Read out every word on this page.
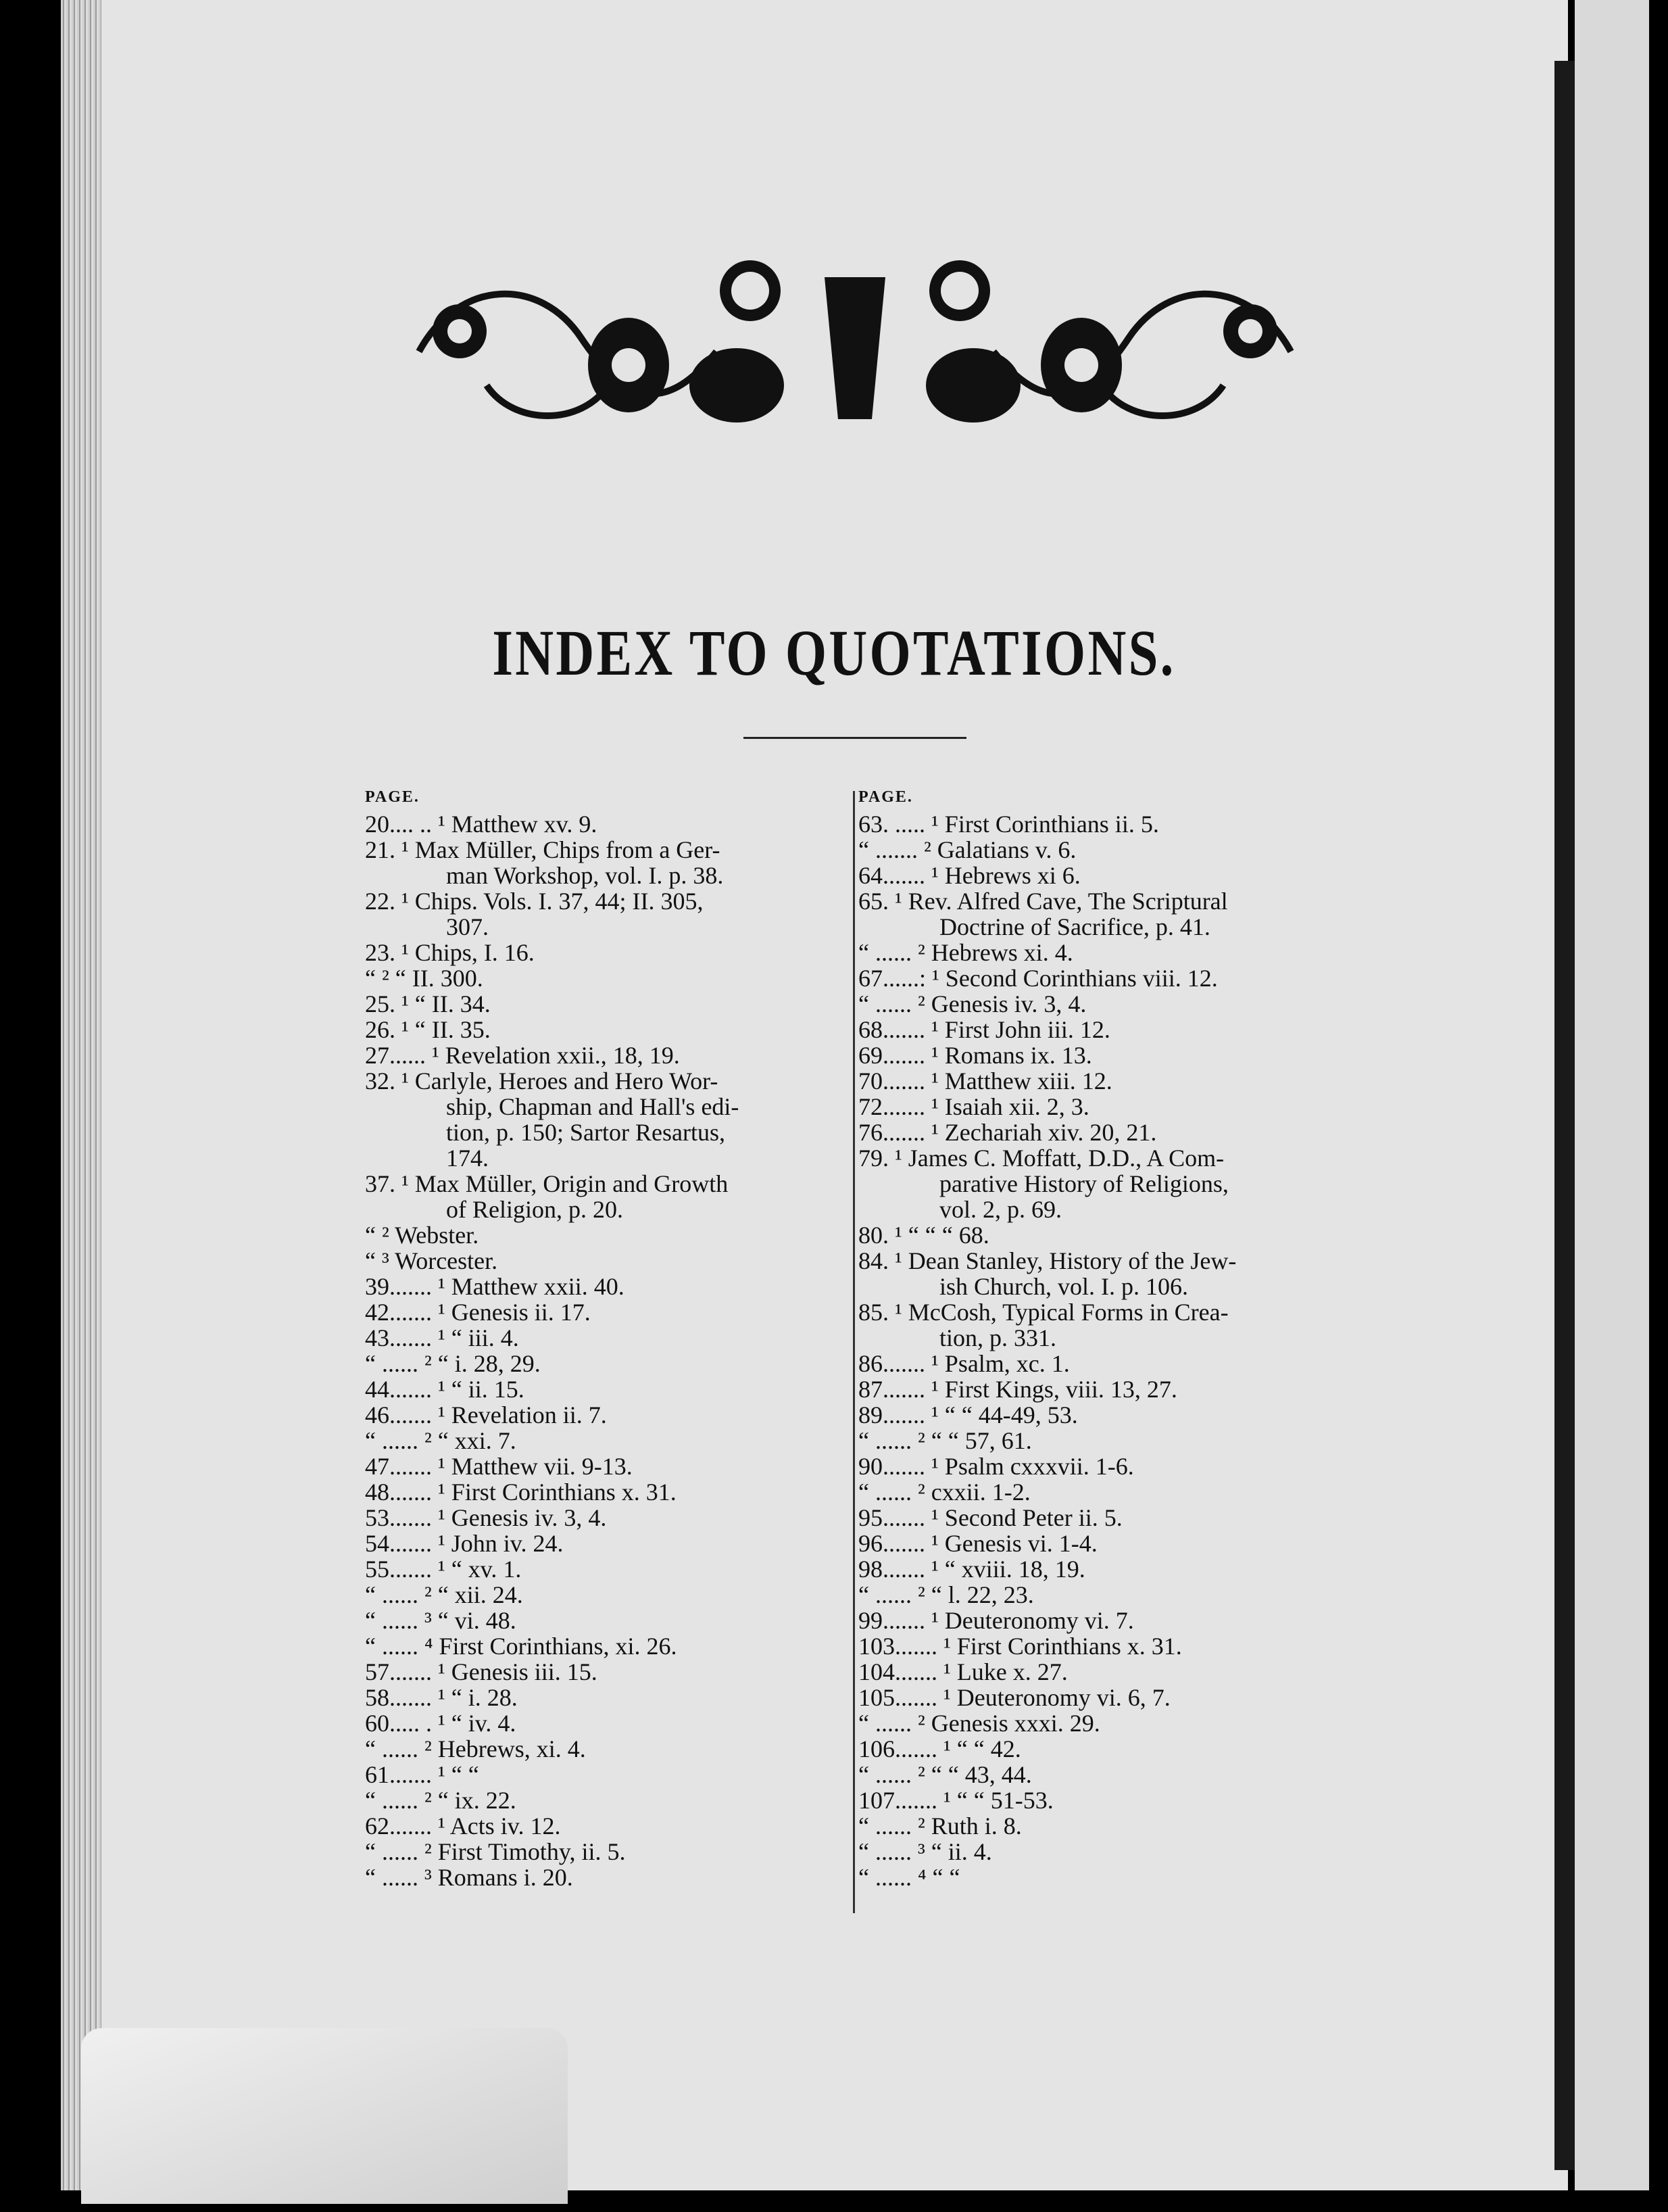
INDEX TO QUOTATIONS.
PAGE.
20.... .. ¹ Matthew xv. 9.
21. ¹ Max Müller, Chips from a Ger-
man Workshop, vol. I. p. 38.
22. ¹ Chips. Vols. I. 37, 44; II. 305,
307.
23. ¹ Chips, I. 16.
“ ² “ II. 300.
25. ¹ “ II. 34.
26. ¹ “ II. 35.
27...... ¹ Revelation xxii., 18, 19.
32. ¹ Carlyle, Heroes and Hero Wor-
ship, Chapman and Hall's edi-
tion, p. 150; Sartor Resartus,
174.
37. ¹ Max Müller, Origin and Growth
of Religion, p. 20.
“ ² Webster.
“ ³ Worcester.
39....... ¹ Matthew xxii. 40.
42....... ¹ Genesis ii. 17.
43....... ¹ “ iii. 4.
“ ...... ² “ i. 28, 29.
44....... ¹ “ ii. 15.
46....... ¹ Revelation ii. 7.
“ ...... ² “ xxi. 7.
47....... ¹ Matthew vii. 9-13.
48....... ¹ First Corinthians x. 31.
53....... ¹ Genesis iv. 3, 4.
54....... ¹ John iv. 24.
55....... ¹ “ xv. 1.
“ ...... ² “ xii. 24.
“ ...... ³ “ vi. 48.
“ ...... ⁴ First Corinthians, xi. 26.
57....... ¹ Genesis iii. 15.
58....... ¹ “ i. 28.
60..... . ¹ “ iv. 4.
“ ...... ² Hebrews, xi. 4.
61....... ¹ “ “
“ ...... ² “ ix. 22.
62....... ¹ Acts iv. 12.
“ ...... ² First Timothy, ii. 5.
“ ...... ³ Romans i. 20.
PAGE.
63. ..... ¹ First Corinthians ii. 5.
“ ....... ² Galatians v. 6.
64....... ¹ Hebrews xi 6.
65. ¹ Rev. Alfred Cave, The Scriptural
Doctrine of Sacrifice, p. 41.
“ ...... ² Hebrews xi. 4.
67......: ¹ Second Corinthians viii. 12.
“ ...... ² Genesis iv. 3, 4.
68....... ¹ First John iii. 12.
69....... ¹ Romans ix. 13.
70....... ¹ Matthew xiii. 12.
72....... ¹ Isaiah xii. 2, 3.
76....... ¹ Zechariah xiv. 20, 21.
79. ¹ James C. Moffatt, D.D., A Com-
parative History of Religions,
vol. 2, p. 69.
80. ¹ “ “ “ 68.
84. ¹ Dean Stanley, History of the Jew-
ish Church, vol. I. p. 106.
85. ¹ McCosh, Typical Forms in Crea-
tion, p. 331.
86....... ¹ Psalm, xc. 1.
87....... ¹ First Kings, viii. 13, 27.
89....... ¹ “ “ 44-49, 53.
“ ...... ² “ “ 57, 61.
90....... ¹ Psalm cxxxvii. 1-6.
“ ...... ² cxxii. 1-2.
95....... ¹ Second Peter ii. 5.
96....... ¹ Genesis vi. 1-4.
98....... ¹ “ xviii. 18, 19.
“ ...... ² “ l. 22, 23.
99....... ¹ Deuteronomy vi. 7.
103....... ¹ First Corinthians x. 31.
104....... ¹ Luke x. 27.
105....... ¹ Deuteronomy vi. 6, 7.
“ ...... ² Genesis xxxi. 29.
106....... ¹ “ “ 42.
“ ...... ² “ “ 43, 44.
107....... ¹ “ “ 51-53.
“ ...... ² Ruth i. 8.
“ ...... ³ “ ii. 4.
“ ...... ⁴ “ “
